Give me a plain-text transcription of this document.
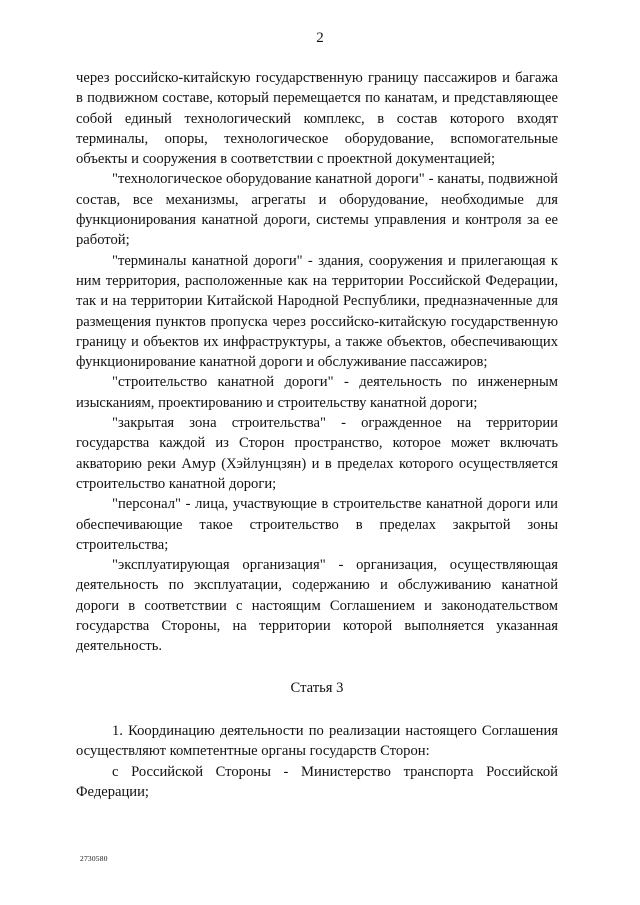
2

через российско-китайскую государственную границу пассажиров и багажа в подвижном составе, который перемещается по канатам, и представляющее собой единый технологический комплекс, в состав которого входят терминалы, опоры, технологическое оборудование, вспомогательные объекты и сооружения в соответствии с проектной документацией;

"технологическое оборудование канатной дороги" - канаты, подвижной состав, все механизмы, агрегаты и оборудование, необходимые для функционирования канатной дороги, системы управления и контроля за ее работой;

"терминалы канатной дороги" - здания, сооружения и прилегающая к ним территория, расположенные как на территории Российской Федерации, так и на территории Китайской Народной Республики, предназначенные для размещения пунктов пропуска через российско-китайскую государственную границу и объектов их инфраструктуры, а также объектов, обеспечивающих функционирование канатной дороги и обслуживание пассажиров;

"строительство канатной дороги" - деятельность по инженерным изысканиям, проектированию и строительству канатной дороги;

"закрытая зона строительства" - огражденное на территории государства каждой из Сторон пространство, которое может включать акваторию реки Амур (Хэйлунцзян) и в пределах которого осуществляется строительство канатной дороги;

"персонал" - лица, участвующие в строительстве канатной дороги или обеспечивающие такое строительство в пределах закрытой зоны строительства;

"эксплуатирующая организация" - организация, осуществляющая деятельность по эксплуатации, содержанию и обслуживанию канатной дороги в соответствии с настоящим Соглашением и законодательством государства Стороны, на территории которой выполняется указанная деятельность.

Статья 3

1. Координацию деятельности по реализации настоящего Соглашения осуществляют компетентные органы государств Сторон:

с Российской Стороны - Министерство транспорта Российской Федерации;

2730580
